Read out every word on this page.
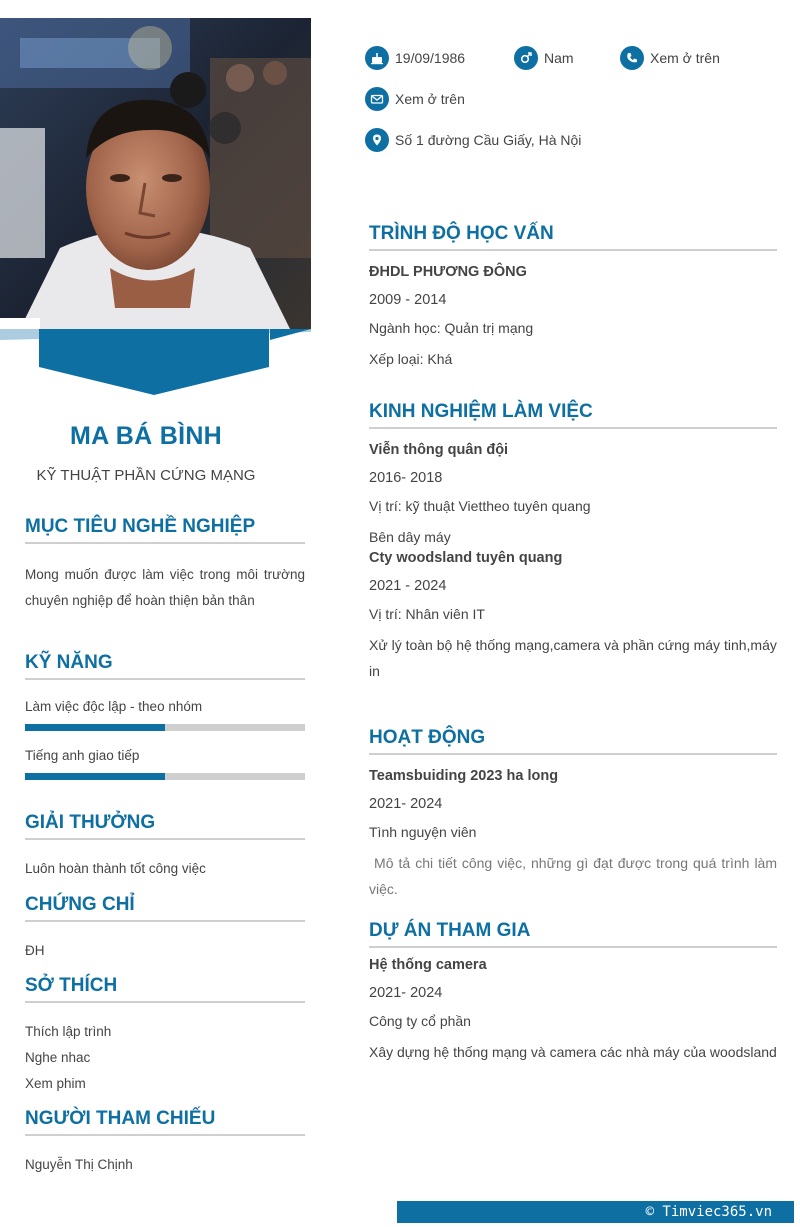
MA BÁ BÌNH
KỸ THUẬT PHẦN CỨNG MẠNG
MỤC TIÊU NGHỀ NGHIỆP
Mong muốn được làm việc trong môi trường chuyên nghiệp để hoàn thiện bản thân
KỸ NĂNG
Làm việc độc lập - theo nhóm
Tiếng anh giao tiếp
GIẢI THƯỞNG
Luôn hoàn thành tốt công việc
CHỨNG CHỈ
ĐH
SỞ THÍCH
Thích lập trình
Nghe nhac
Xem phim
NGƯỜI THAM CHIẾU
Nguyễn Thị Chịnh
19/09/1986	Nam	Xem ở trên
Xem ở trên
Số 1 đường Cầu Giấy, Hà Nội
TRÌNH ĐỘ HỌC VẤN
ĐHDL PHƯƠNG ĐÔNG
2009 - 2014
Ngành học: Quản trị mạng
Xếp loại: Khá
KINH NGHIỆM LÀM VIỆC
Viễn thông quân đội
2016- 2018
Vị trí: kỹ thuật Viettheo tuyên quang
Bên dây máy
Cty woodsland tuyên quang
2021 - 2024
Vị trí: Nhân viên IT
Xử lý toàn bộ hệ thống mạng,camera và phần cứng máy tinh,máy in
HOẠT ĐỘNG
Teamsbuiding 2023 ha long
2021- 2024
Tình nguyện viên
Mô tả chi tiết công việc, những gì đạt được trong quá trình làm việc.
DỰ ÁN THAM GIA
Hệ thống camera
2021- 2024
Công ty cổ phần
Xây dựng hệ thống mạng và camera các nhà máy của woodsland
© Timviec365.vn
